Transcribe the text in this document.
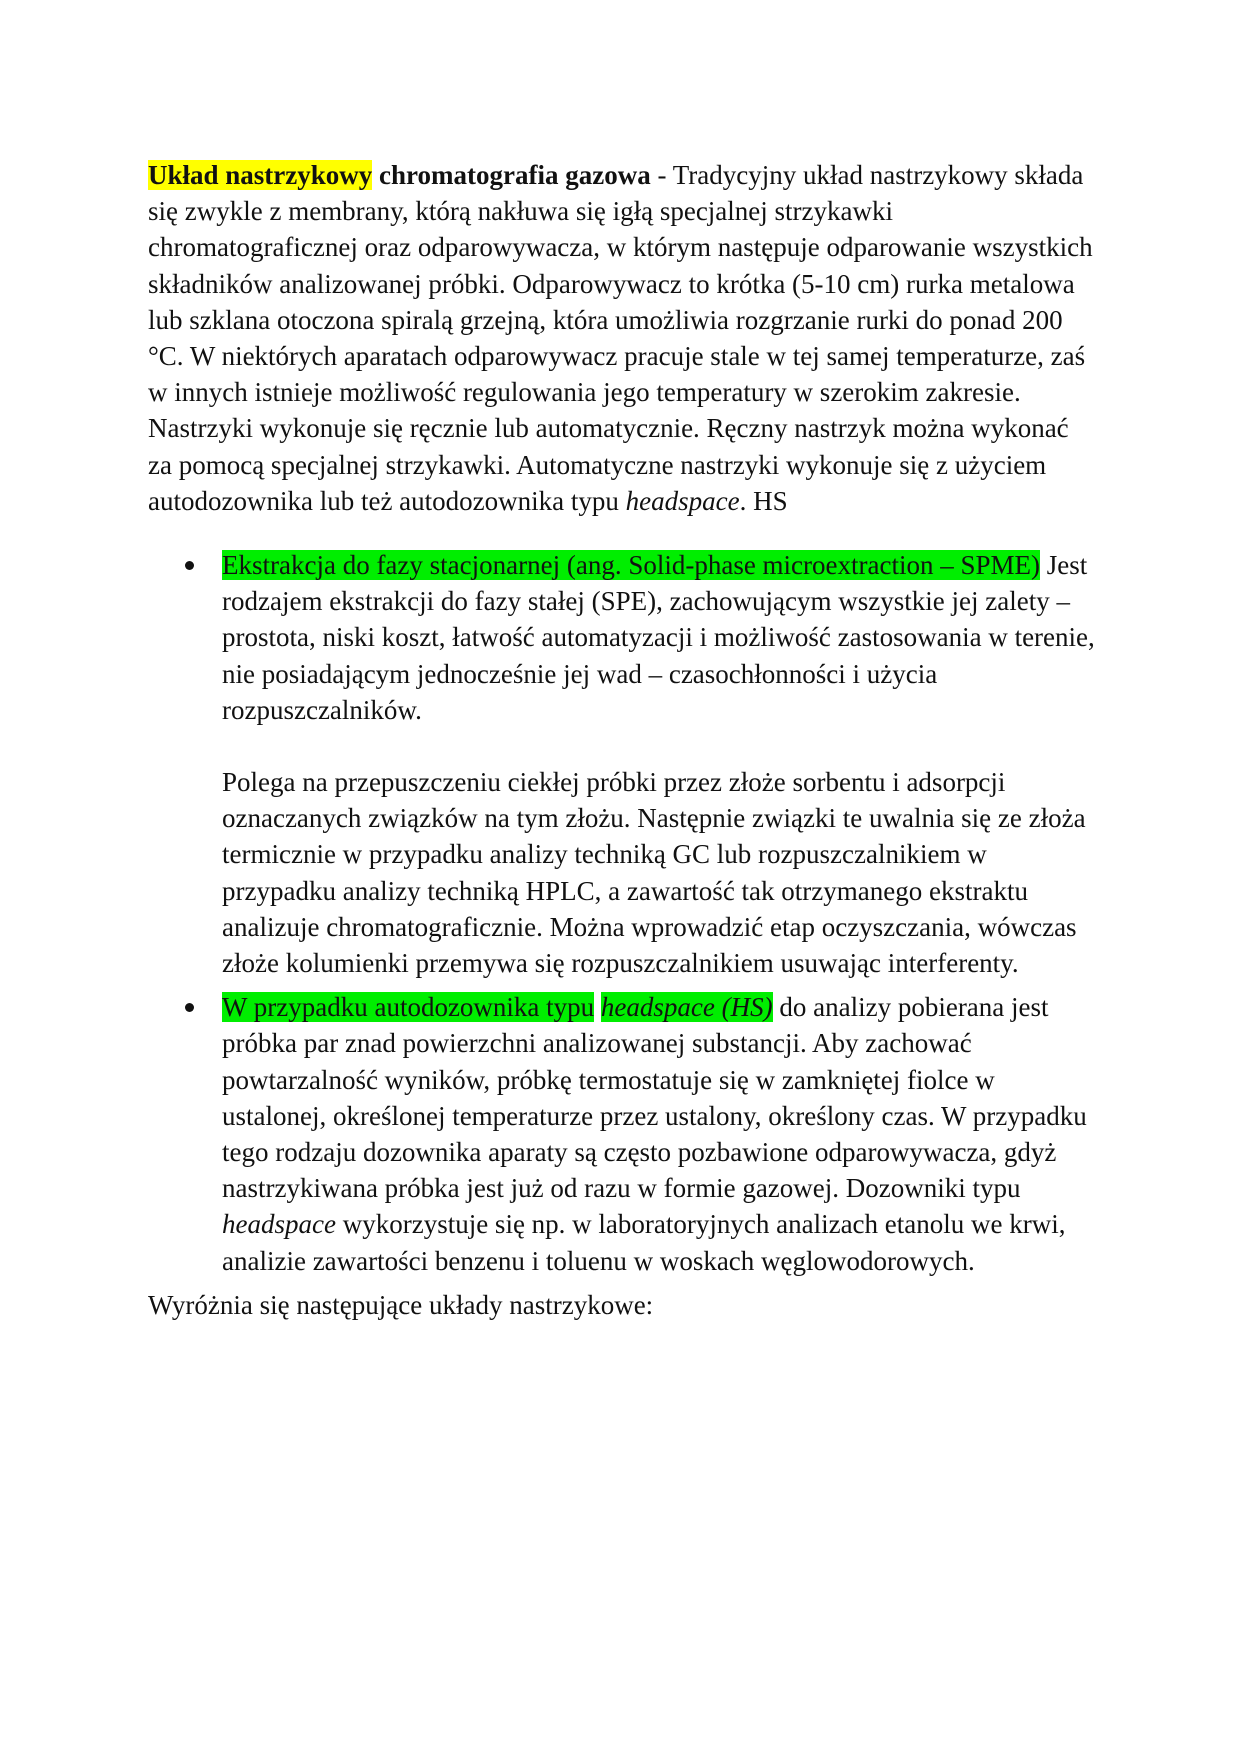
Układ nastrzykowy chromatografia gazowa - Tradycyjny układ nastrzykowy składa się zwykle z membrany, którą nakłuwa się igłą specjalnej strzykawki chromatograficznej oraz odparowywacza, w którym następuje odparowanie wszystkich składników analizowanej próbki. Odparowywacz to krótka (5-10 cm) rurka metalowa lub szklana otoczona spiralą grzejną, która umożliwia rozgrzanie rurki do ponad 200 °C. W niektórych aparatach odparowywacz pracuje stale w tej samej temperaturze, zaś w innych istnieje możliwość regulowania jego temperatury w szerokim zakresie. Nastrzyki wykonuje się ręcznie lub automatycznie. Ręczny nastrzyk można wykonać za pomocą specjalnej strzykawki. Automatyczne nastrzyki wykonuje się z użyciem autodozownika lub też autodozownika typu headspace. HS

Ekstrakcja do fazy stacjonarnej (ang. Solid-phase microextraction – SPME) Jest rodzajem ekstrakcji do fazy stałej (SPE), zachowującym wszystkie jej zalety – prostota, niski koszt, łatwość automatyzacji i możliwość zastosowania w terenie, nie posiadającym jednocześnie jej wad – czasochłonności i użycia rozpuszczalników.

Polega na przepuszczeniu ciekłej próbki przez złoże sorbentu i adsorpcji oznaczanych związków na tym złożu. Następnie związki te uwalnia się ze złoża termicznie w przypadku analizy techniką GC lub rozpuszczalnikiem w przypadku analizy techniką HPLC, a zawartość tak otrzymanego ekstraktu analizuje chromatograficznie. Można wprowadzić etap oczyszczania, wówczas złoże kolumienki przemywa się rozpuszczalnikiem usuwając interferenty.

W przypadku autodozownika typu headspace (HS) do analizy pobierana jest próbka par znad powierzchni analizowanej substancji. Aby zachować powtarzalność wyników, próbkę termostatuje się w zamkniętej fiolce w ustalonej, określonej temperaturze przez ustalony, określony czas. W przypadku tego rodzaju dozownika aparaty są często pozbawione odparowywacza, gdyż nastrzykiwana próbka jest już od razu w formie gazowej. Dozowniki typu headspace wykorzystuje się np. w laboratoryjnych analizach etanolu we krwi, analizie zawartości benzenu i toluenu w woskach węglowodorowych.

Wyróżnia się następujące układy nastrzykowe:
